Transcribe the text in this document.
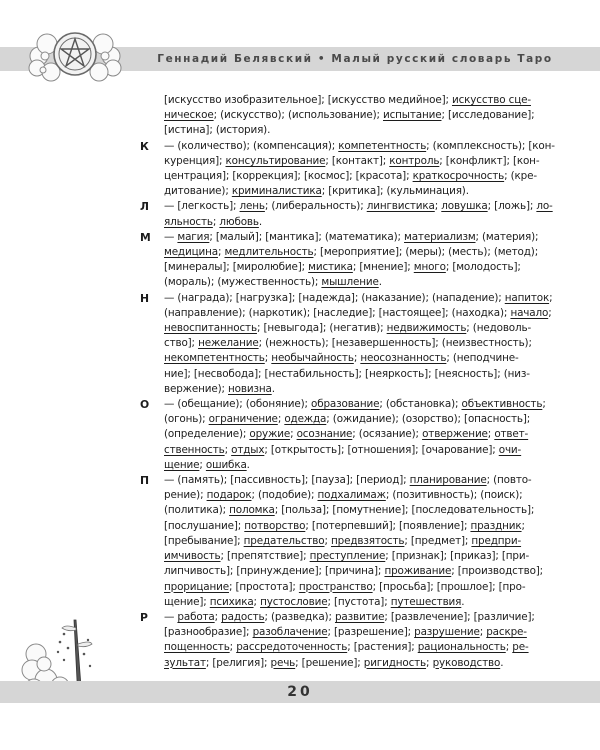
Геннадий Белявский • Малый русский словарь Таро
[искусство изобразительное]; [искусство медийное]; искусство сце-
ническое; (искусство); (использование); испытание; [исследование];
[истина]; (история).
К — (количество); (компенсация); компетентность; (комплексность); [кон-
куренция]; консультирование; [контакт]; контроль; [конфликт]; [кон-
центрация]; [коррекция]; [космос]; [красота]; краткосрочность; (кре-
дитование); криминалистика; [критика]; (кульминация).
Л — [легкость]; лень; (либеральность); лингвистика; ловушка; [ложь]; ло-
яльность; любовь.
М — магия; [малый]; [мантика]; (математика); материализм; (материя);
медицина; медлительность; [мероприятие]; (меры); (месть); (метод);
[минералы]; [миролюбие]; мистика; [мнение]; много; [молодость];
(мораль); (мужественность); мышление.
Н — (награда); [нагрузка]; [надежда]; (наказание); (нападение); напиток;
(направление); (наркотик); [наследие]; [настоящее]; (находка); начало;
невоспитанность; [невыгода]; (негатив); недвижимость; (недоволь-
ство]; нежелание; (нежность); [незавершенность]; (неизвестность);
некомпетентность; необычайность; неосознанность; (неподчине-
ние]; [несвобода]; [нестабильность]; [неяркость]; [неясность]; (низ-
вержение); новизна.
О — (обещание); (обоняние); образование; (обстановка); объективность;
(огонь); ограничение; одежда; (ожидание); (озорство); [опасность];
(определение); оружие; осознание; (осязание); отвержение; ответ-
ственность; отдых; [открытость]; [отношения]; [очарование]; очи-
щение; ошибка.
П — (память); [пассивность]; [пауза]; [период]; планирование; (повто-
рение); подарок; (подобие); подхалимаж; (позитивность); (поиск);
(политика); поломка; [польза]; [помутнение]; [последовательность];
[послушание]; потворство; [потерпевший]; [появление]; праздник;
[пребывание]; предательство; предвзятость; [предмет]; предпри-
имчивость; [препятствие]; преступление; [признак]; [приказ]; [при-
липчивость]; [принуждение]; [причина]; проживание; [производство];
прорицание; [простота]; пространство; [просьба]; [прошлое]; [про-
щение]; психика; пустословие; [пустота]; путешествия.
Р — работа; радость; (разведка); развитие; [развлечение]; [различие];
[разнообразие]; разоблачение; [разрешение]; разрушение; раскре-
пощенность; рассредоточенность; [растения]; рациональность; ре-
зультат; [религия]; речь; [решение]; ригидность; руководство.
20
